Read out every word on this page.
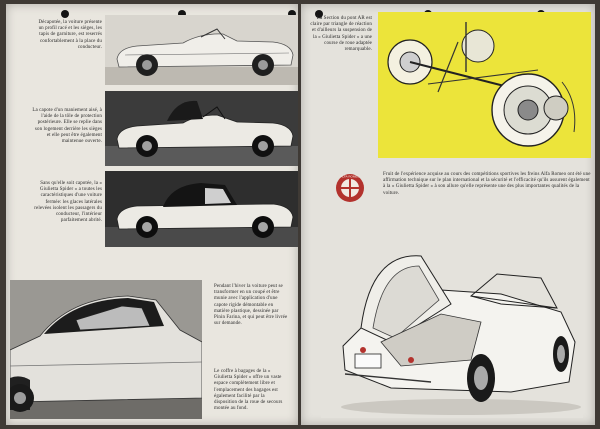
Décapotée, la voiture présente un profil racé et les sièges, les tapis de garniture, est reserrés confortablement à la place du conducteur.
La capote d'un maniement aisé, à l'aide de la tôle de protection postérieure. Elle se replie dans son logement derrière les sièges et elle peut être également maintenue ouverte.
Sans qu'elle soit capotée, la « Giulietta Spider » a toutes les caractéristiques d'une voiture fermée: les glaces latérales relevées isolent les passagers du conducteur, l'intérieur parfaitement abrité.
Pendant l'hiver la voiture peut se transformer en un coupé et être munie avec l'application d'une capote rigide démontable en matière plastique, dessinée par Pinin Farina, et qui peut être livrée sur demande.
Le coffre à bagages de la « Giulietta Spider » offre un vaste espace complètement libre et l'emplacement des bagages est également facilité par la disposition de la roue de secours montée au fond.
La Section du pont AR est claire par triangle de réaction et d'ailleurs la suspension de la « Giulietta Spider » a une course de roue adaptée remarquable.
ALFA ROMEO	Fruit de l'expérience acquise au cours des compétitions sportives les freins Alfa Romeo ont été une affirmation technique sur le plan international et la sécurité et l'efficacité qu'ils assurent également à la « Giulietta Spider » à son allure qu'elle représente une des plus importantes qualités de la voiture.
